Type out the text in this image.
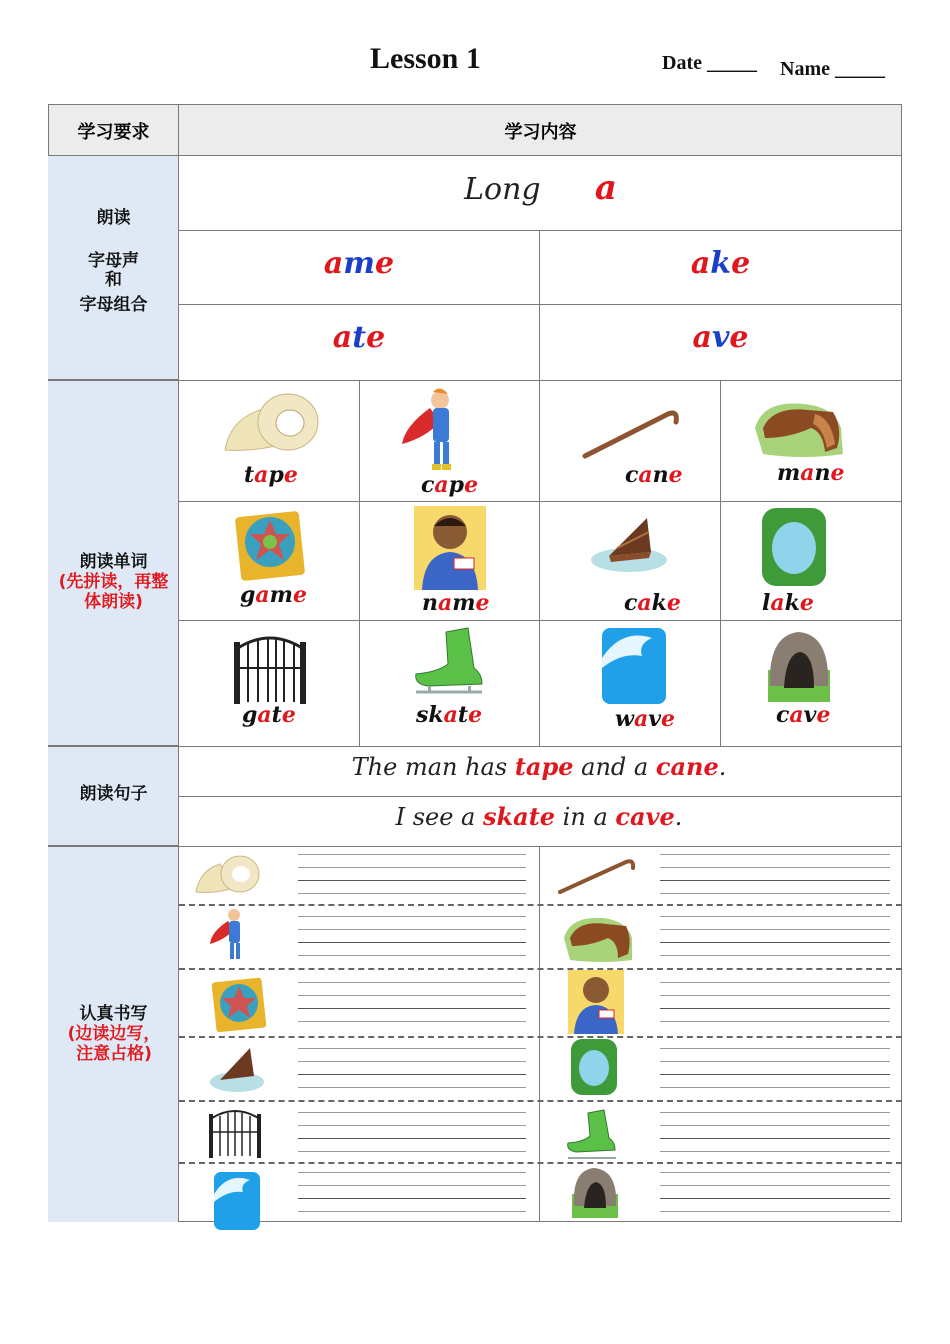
Lesson 1	Date _____ Name _____
学习要求	学习内容
朗读
字母声
和
字母组合
Long a
ame	ake
ate	ave
朗读单词
(先拼读，再整体朗读)
tape	cape	cane	mane
game	name	cake	lake
gate	skate	wave	cave
朗读句子
The man has tape and a cane.
I see a skate in a cave.
认真书写
(边读边写，注意占格)
